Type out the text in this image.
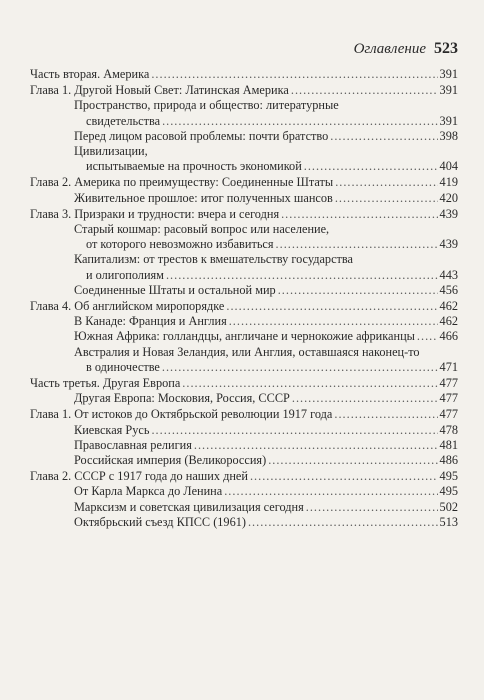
Оглавление 523
Часть вторая. Америка .....	391
Глава 1. Другой Новый Свет: Латинская Америка .....	391
Пространство, природа и общество: литературные
свидетельства .....	391
Перед лицом расовой проблемы: почти братство .....	398
Цивилизации,
испытываемые на прочность экономикой .....	404
Глава 2. Америка по преимуществу: Соединенные Штаты .....	419
Живительное прошлое: итог полученных шансов .....	420
Глава 3. Призраки и трудности: вчера и сегодня .....	439
Старый кошмар: расовый вопрос или население,
от которого невозможно избавиться .....	439
Капитализм: от трестов к вмешательству государства
и олигополиям .....	443
Соединенные Штаты и остальной мир .....	456
Глава 4. Об английском миропорядке .....	462
В Канаде: Франция и Англия .....	462
Южная Африка: голландцы, англичане и чернокожие африканцы ..... 466
Австралия и Новая Зеландия, или Англия, оставшаяся наконец-то
в одиночестве .....	471
Часть третья. Другая Европа .....	477
Другая Европа: Московия, Россия, СССР .....	477
Глава 1. От истоков до Октябрьской революции 1917 года .....	477
Киевская Русь .....	478
Православная религия .....	481
Российская империя (Великороссия) .....	486
Глава 2. СССР с 1917 года до наших дней .....	495
От Карла Маркса до Ленина .....	495
Марксизм и советская цивилизация сегодня .....	502
Октябрьский съезд КПСС (1961) .....	513
